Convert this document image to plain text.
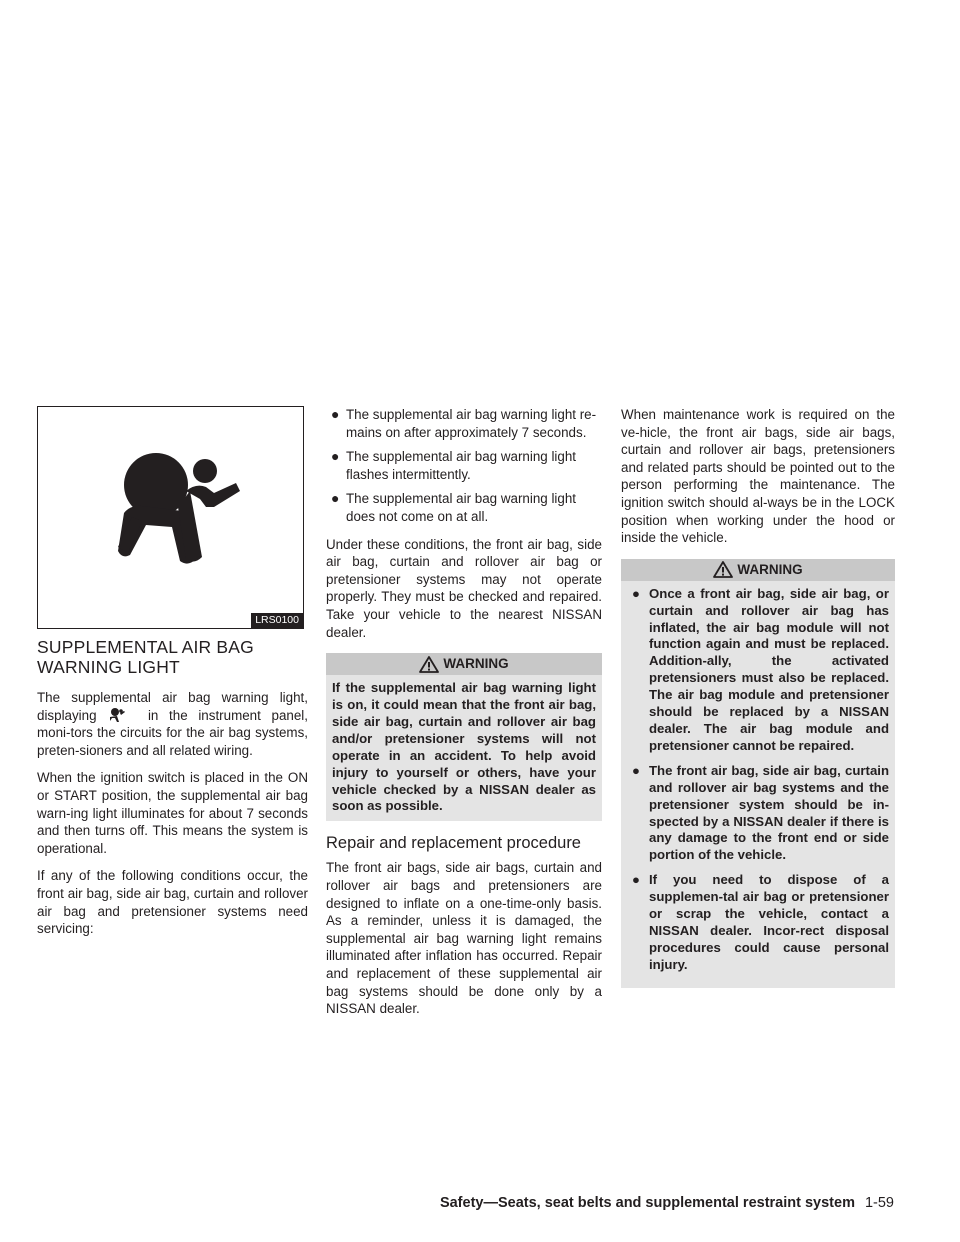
LRS0100
SUPPLEMENTAL AIR BAG
WARNING LIGHT

The supplemental air bag warning light, displaying	in the instrument panel, moni-tors the circuits for the air bag systems, preten-sioners and all related wiring.

When the ignition switch is placed in the ON or START position, the supplemental air bag warn-ing light illuminates for about 7 seconds and then turns off. This means the system is operational.

If any of the following conditions occur, the front air bag, side air bag, curtain and rollover air bag and pretensioner systems need servicing:

● The supplemental air bag warning light re-mains on after approximately 7 seconds.
● The supplemental air bag warning light flashes intermittently.
● The supplemental air bag warning light does not come on at all.

Under these conditions, the front air bag, side air bag, curtain and rollover air bag or pretensioner systems may not operate properly. They must be checked and repaired. Take your vehicle to the nearest NISSAN dealer.

WARNING
If the supplemental air bag warning light is on, it could mean that the front air bag, side air bag, curtain and rollover air bag and/or pretensioner systems will not operate in an accident. To help avoid injury to yourself or others, have your vehicle checked by a NISSAN dealer as soon as possible.
Repair and replacement procedure

The front air bags, side air bags, curtain and rollover air bags and pretensioners are designed to inflate on a one-time-only basis. As a reminder, unless it is damaged, the supplemental air bag warning light remains illuminated after inflation has occurred. Repair and replacement of these supplemental air bag systems should be done only by a NISSAN dealer.

When maintenance work is required on the ve-hicle, the front air bags, side air bags, curtain and rollover air bags, pretensioners and related parts should be pointed out to the person performing the maintenance. The ignition switch should al-ways be in the LOCK position when working under the hood or inside the vehicle.

WARNING
● Once a front air bag, side air bag, or curtain and rollover air bag has inflated, the air bag module will not function again and must be replaced. Addition-ally, the activated pretensioners must also be replaced. The air bag module and pretensioner should be replaced by a NISSAN dealer. The air bag module and pretensioner cannot be repaired.
● The front air bag, side air bag, curtain and rollover air bag systems and the pretensioner system should be in-spected by a NISSAN dealer if there is any damage to the front end or side portion of the vehicle.
● If you need to dispose of a supplemen-tal air bag or pretensioner or scrap the vehicle, contact a NISSAN dealer. Incor-rect disposal procedures could cause personal injury.
Safety—Seats, seat belts and supplemental restraint system 1-59
